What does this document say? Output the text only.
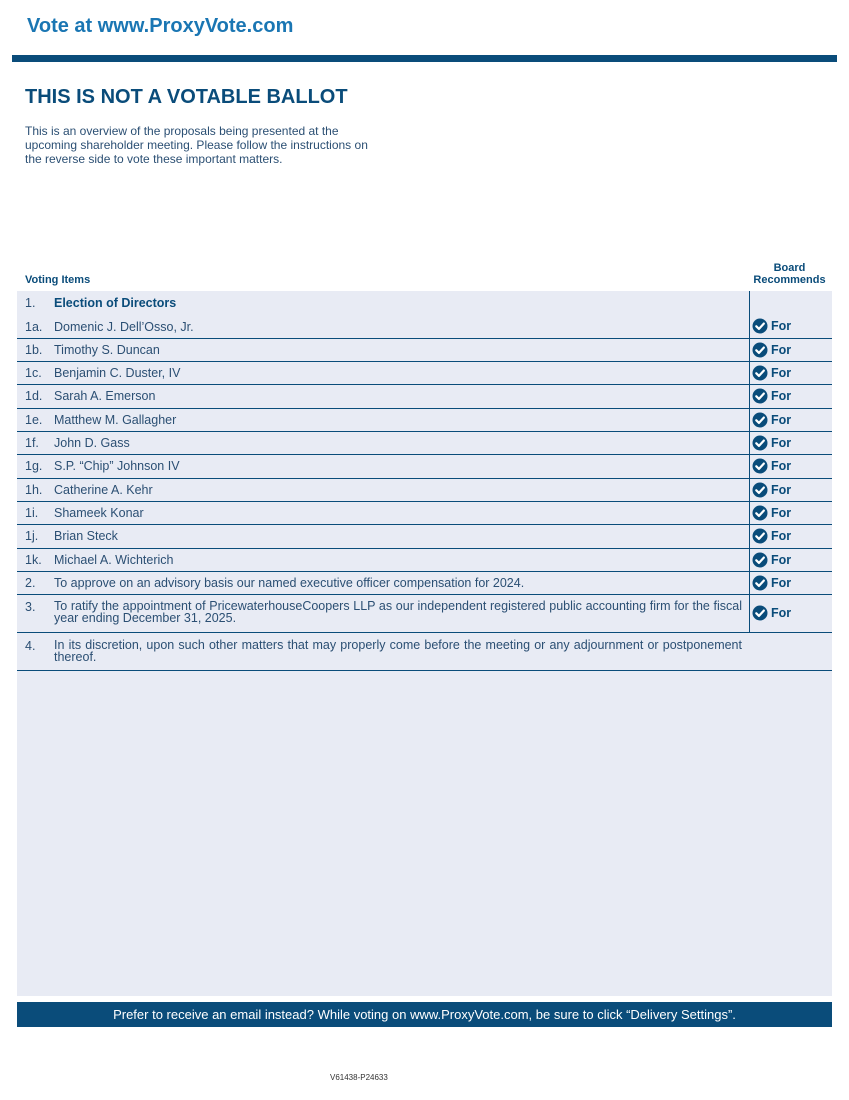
Vote at www.ProxyVote.com
THIS IS NOT A VOTABLE BALLOT
This is an overview of the proposals being presented at the
upcoming shareholder meeting. Please follow the instructions on
the reverse side to vote these important matters.
Voting Items
Board
Recommends
1. Election of Directors
1a. Domenic J. Dell’Osso, Jr.	For
1b. Timothy S. Duncan	For
1c. Benjamin C. Duster, IV	For
1d. Sarah A. Emerson	For
1e. Matthew M. Gallagher	For
1f. John D. Gass	For
1g. S.P. “Chip” Johnson IV	For
1h. Catherine A. Kehr	For
1i. Shameek Konar	For
1j. Brian Steck	For
1k. Michael A. Wichterich	For
2. To approve on an advisory basis our named executive officer compensation for 2024.	For
3. To ratify the appointment of PricewaterhouseCoopers LLP as our independent registered public accounting firm for the fiscal year ending December 31, 2025.	For
4. In its discretion, upon such other matters that may properly come before the meeting or any adjournment or postponement thereof.
Prefer to receive an email instead? While voting on www.ProxyVote.com, be sure to click “Delivery Settings”.
V61438-P24633
